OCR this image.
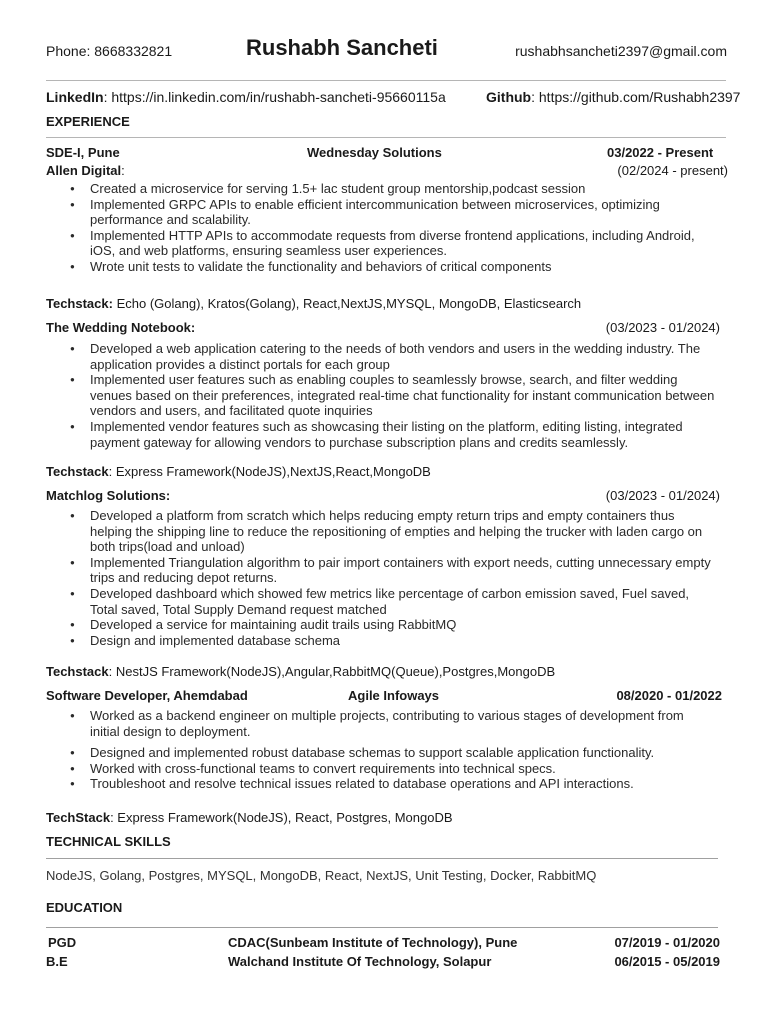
Phone: 8668332821	Rushabh Sancheti	rushabhsancheti2397@gmail.com
LinkedIn: https://in.linkedin.com/in/rushabh-sancheti-95660115a	Github: https://github.com/Rushabh2397
EXPERIENCE
SDE-I, Pune	Wednesday Solutions	03/2022 - Present
Allen Digital:	(02/2024 - present)
● Created a microservice for serving 1.5+ lac student group mentorship,podcast session
● Implemented GRPC APIs to enable efficient intercommunication between microservices, optimizing performance and scalability.
● Implemented HTTP APIs to accommodate requests from diverse frontend applications, including Android, iOS, and web platforms, ensuring seamless user experiences.
● Wrote unit tests to validate the functionality and behaviors of critical components
Techstack: Echo (Golang), Kratos(Golang), React,NextJS,MYSQL, MongoDB, Elasticsearch
The Wedding Notebook:	(03/2023 - 01/2024)
● Developed a web application catering to the needs of both vendors and users in the wedding industry. The application provides a distinct portals for each group
● Implemented user features such as enabling couples to seamlessly browse, search, and filter wedding venues based on their preferences, integrated real-time chat functionality for instant communication between vendors and users, and facilitated quote inquiries
● Implemented vendor features such as showcasing their listing on the platform, editing listing, integrated payment gateway for allowing vendors to purchase subscription plans and credits seamlessly.
Techstack: Express Framework(NodeJS),NextJS,React,MongoDB
Matchlog Solutions:	(03/2023 - 01/2024)
● Developed a platform from scratch which helps reducing empty return trips and empty containers thus helping the shipping line to reduce the repositioning of empties and helping the trucker with laden cargo on both trips(load and unload)
● Implemented Triangulation algorithm to pair import containers with export needs, cutting unnecessary empty trips and reducing depot returns.
● Developed dashboard which showed few metrics like percentage of carbon emission saved, Fuel saved, Total saved, Total Supply Demand request matched
● Developed a service for maintaining audit trails using RabbitMQ
● Design and implemented database schema
Techstack: NestJS Framework(NodeJS),Angular,RabbitMQ(Queue),Postgres,MongoDB
Software Developer, Ahemdabad	Agile Infoways	08/2020 - 01/2022
● Worked as a backend engineer on multiple projects, contributing to various stages of development from initial design to deployment.
● Designed and implemented robust database schemas to support scalable application functionality.
● Worked with cross-functional teams to convert requirements into technical specs.
● Troubleshoot and resolve technical issues related to database operations and API interactions.
TechStack: Express Framework(NodeJS), React, Postgres, MongoDB
TECHNICAL SKILLS
NodeJS, Golang, Postgres, MYSQL, MongoDB, React, NextJS, Unit Testing, Docker, RabbitMQ
EDUCATION
PGD	CDAC(Sunbeam Institute of Technology), Pune	07/2019 - 01/2020
B.E	Walchand Institute Of Technology, Solapur	06/2015 - 05/2019
